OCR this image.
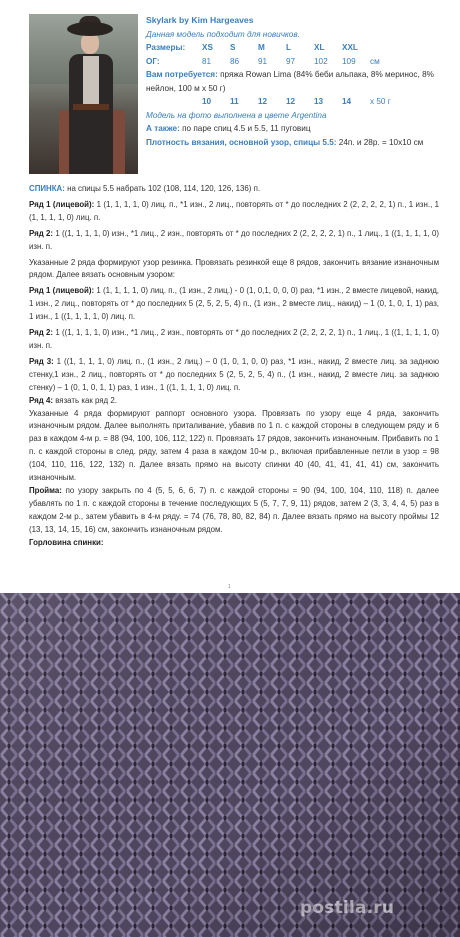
Skylark by Kim Hargeaves
Данная модель подходит для новичков.
Размеры:	XS	S	M	L	XL	XXL
ОГ:	81	86	91	97	102	109	см
Вам потребуется: пряжа Rowan Lima (84% беби альпака, 8% меринос, 8% нейлон, 100 м x 50 г)
10	11	12	12	13	14	x 50 г
Модель на фото выполнена в цвете Argentina
А также: по паре спиц 4.5 и 5.5, 11 пуговиц
Плотность вязания, основной узор, спицы 5.5: 24п. и 28р. = 10x10 см

СПИНКА: на спицы 5.5 набрать 102 (108, 114, 120, 126, 136) п.

Ряд 1 (лицевой): 1 (1, 1, 1, 1, 0) лиц. п., *1 изн., 2 лиц., повторять от * до последних 2 (2, 2, 2, 2, 1) п., 1 изн., 1 (1, 1, 1, 1, 0) лиц. п.

Ряд 2: 1 ((1, 1, 1, 1, 0) изн., *1 лиц., 2 изн., повторять от * до последних 2 (2, 2, 2, 2, 1) п., 1 лиц., 1 ((1, 1, 1, 1, 0) изн. п.

Указанные 2 ряда формируют узор резинка. Провязать резинкой еще 8 рядов, закончить вязание изнаночным рядом. Далее вязать основным узором:

Ряд 1 (лицевой): 1 (1, 1, 1, 1, 0) лиц. п., (1 изн., 2 лиц.) - 0 (1, 0,1, 0, 0, 0) раз, *1 изн., 2 вместе лицевой, накид, 1 изн., 2 лиц., повторять от * до последних 5 (2, 5, 2, 5, 4) п., (1 изн., 2 вместе лиц., накид) – 1 (0, 1, 0, 1, 1) раз, 1 изн., 1 ((1, 1, 1, 1, 0) лиц. п.

Ряд 2: 1 ((1, 1, 1, 1, 0) изн., *1 лиц., 2 изн., повторять от * до последних 2 (2, 2, 2, 2, 1) п., 1 лиц., 1 ((1, 1, 1, 1, 0) изн. п.

Ряд 3: 1 ((1, 1, 1, 1, 0) лиц. п., (1 изн., 2 лиц.) – 0 (1, 0, 1, 0, 0) раз, *1 изн., накид, 2 вместе лиц. за заднюю стенку,1 изн., 2 лиц., повторять от * до последних 5 (2, 5, 2, 5, 4) п., (1 изн., накид, 2 вместе лиц. за заднюю стенку) – 1 (0, 1, 0, 1, 1) раз, 1 изн., 1 ((1, 1, 1, 1, 0) лиц. п.

Ряд 4: вязать как ряд 2.

Указанные 4 ряда формируют раппорт основного узора. Провязать по узору еще 4 ряда, закончить изнаночным рядом. Далее выполнять приталивание, убавив по 1 п. с каждой стороны в следующем ряду и 6 раз в каждом 4-м р. = 88 (94, 100, 106, 112, 122) п. Провязать 17 рядов, закончить изнаночным. Прибавить по 1 п. с каждой стороны в след. ряду, затем 4 раза в каждом 10-м р., включая прибавленные петли в узор = 98 (104, 110, 116, 122, 132) п. Далее вязать прямо на высоту спинки 40 (40, 41, 41, 41, 41) см, закончить изнаночным.

Пройма: по узору закрыть по 4 (5, 5, 6, 6, 7) п. с каждой стороны = 90 (94, 100, 104, 110, 118) п. далее убавлять по 1 п. с каждой стороны в течение последующих 5 (5, 7, 7, 9, 11) рядов, затем 2 (3, 3, 4, 4, 5) раз в каждом 2-м р., затем убавить в 4-м ряду. = 74 (76, 78, 80, 82, 84) п. Далее вязать прямо на высоту проймы 12 (13, 13, 14, 15, 16) см, закончить изнаночным рядом.

Горловина спинки:

1
postila.ru
